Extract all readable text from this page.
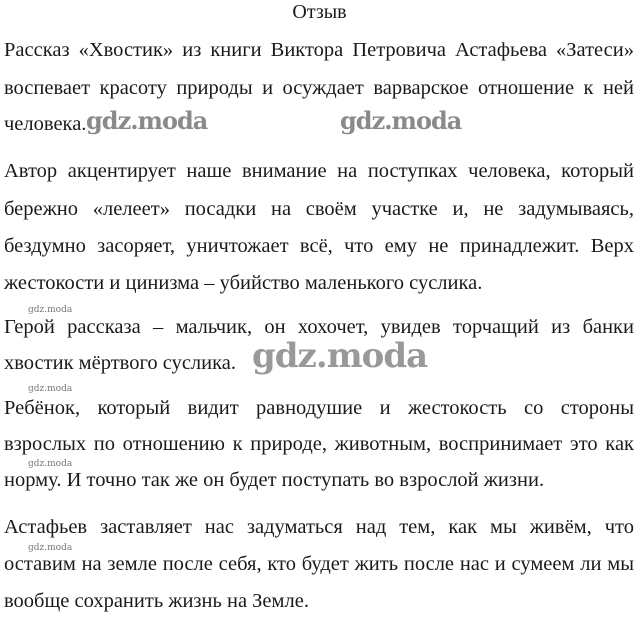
Отзыв
Рассказ «Хвостик» из книги Виктора Петровича Астафьева «Затеси»
воспевает красоту природы и осуждает варварское отношение к ней
человека.
Автор акцентирует наше внимание на поступках человека, который
бережно «лелеет» посадки на своём участке и, не задумываясь,
бездумно засоряет, уничтожает всё, что ему не принадлежит. Верх
жестокости и цинизма – убийство маленького суслика.
Герой рассказа – мальчик, он хохочет, увидев торчащий из банки
хвостик мёртвого суслика.
Ребёнок, который видит равнодушие и жестокость со стороны
взрослых по отношению к природе, животным, воспринимает это как
норму. И точно так же он будет поступать во взрослой жизни.
Астафьев заставляет нас задуматься над тем, как мы живём, что
оставим на земле после себя, кто будет жить после нас и сумеем ли мы
вообще сохранить жизнь на Земле.
gdz.moda	gdz.moda
gdz.moda
gdz.moda
gdz.moda
gdz.moda
gdz.moda
